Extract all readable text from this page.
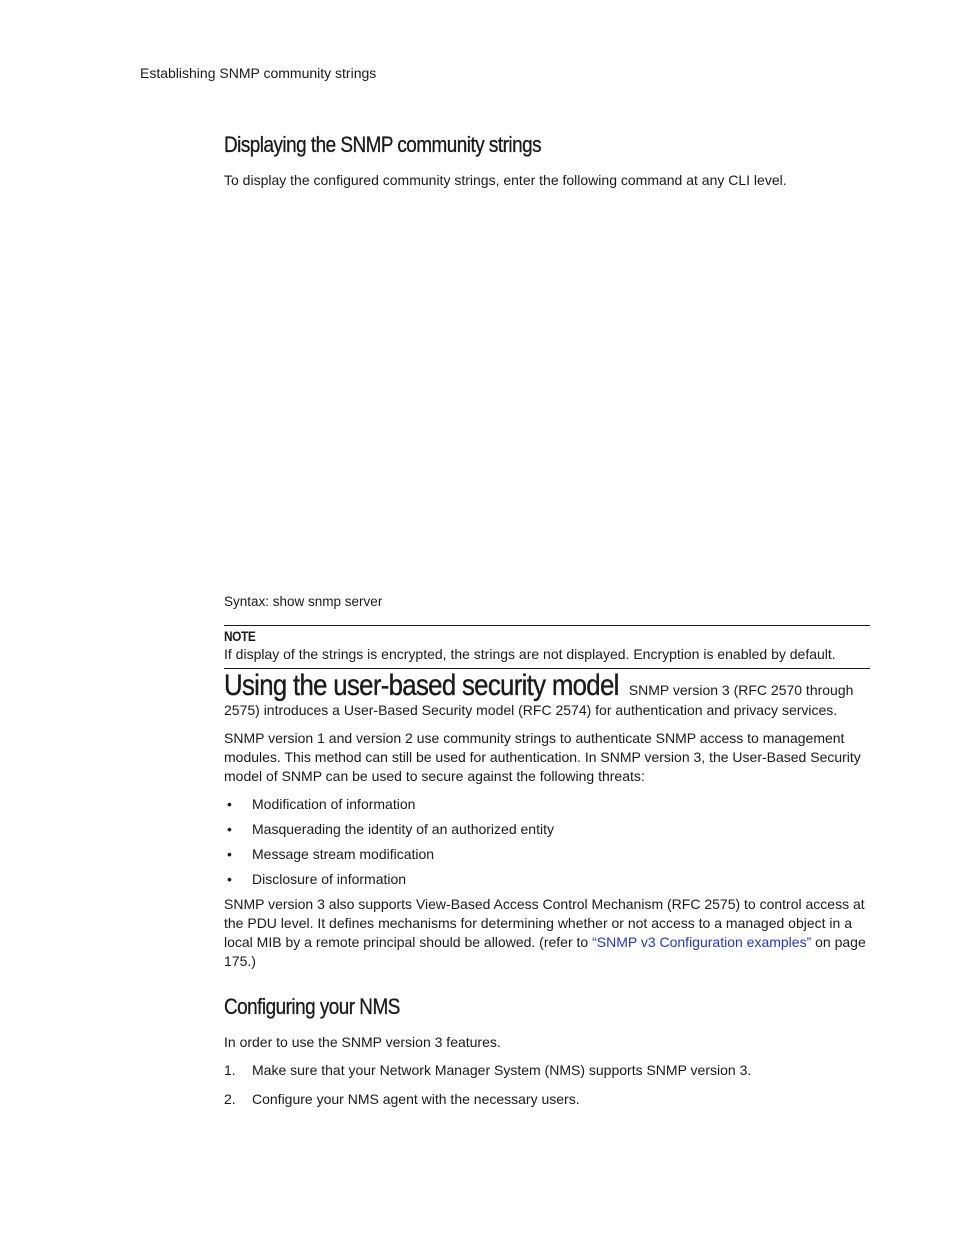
Establishing SNMP community strings
Displaying the SNMP community strings

To display the configured community strings, enter the following command at any CLI level.

Syntax: show snmp server

NOTE

If display of the strings is encrypted, the strings are not displayed. Encryption is enabled by default.

Using the user-based security model SNMP version 3 (RFC 2570 through

2575) introduces a User-Based Security model (RFC 2574) for authentication and privacy services.

SNMP version 1 and version 2 use community strings to authenticate SNMP access to management modules. This method can still be used for authentication. In SNMP version 3, the User-Based Security model of SNMP can be used to secure against the following threats:

• Modification of information
• Masquerading the identity of an authorized entity
• Message stream modification
• Disclosure of information

SNMP version 3 also supports View-Based Access Control Mechanism (RFC 2575) to control access at the PDU level. It defines mechanisms for determining whether or not access to a managed object in a local MIB by a remote principal should be allowed. (refer to “SNMP v3 Configuration examples” on page 175.)

Configuring your NMS

In order to use the SNMP version 3 features.

1. Make sure that your Network Manager System (NMS) supports SNMP version 3.
2. Configure your NMS agent with the necessary users.
